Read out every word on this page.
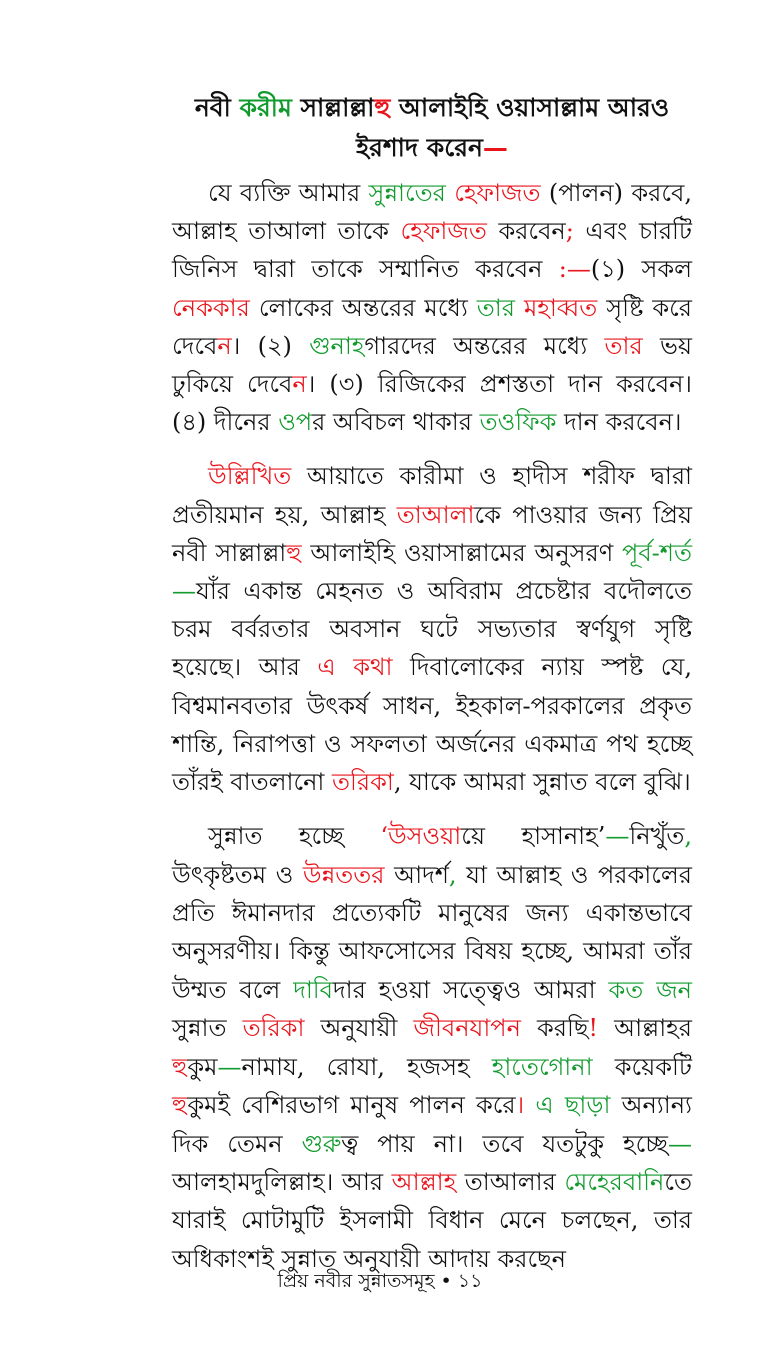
নবী করীম সাল্লাল্লাহু আলাইহি ওয়াসাল্লাম আরও ইরশাদ করেন—

যে ব্যক্তি আমার সুন্নাতের হেফাজত (পালন) করবে, আল্লাহ তাআলা তাকে হেফাজত করবেন; এবং চারটি জিনিস দ্বারা তাকে সম্মানিত করবেন :—(১) সকল নেককার লোকের অন্তরের মধ্যে তার মহাব্বত সৃষ্টি করে দেবেন। (২) গুনাহগারদের অন্তরের মধ্যে তার ভয় ঢুকিয়ে দেবেন। (৩) রিজিকের প্রশস্ততা দান করবেন। (৪) দীনের ওপর অবিচল থাকার তওফিক দান করবেন।

উল্লিখিত আয়াতে কারীমা ও হাদীস শরীফ দ্বারা প্রতীয়মান হয়, আল্লাহ তাআলাকে পাওয়ার জন্য প্রিয় নবী সাল্লাল্লাহু আলাইহি ওয়াসাল্লামের অনুসরণ পূর্ব-শর্ত—যাঁর একান্ত মেহনত ও অবিরাম প্রচেষ্টার বদৌলতে চরম বর্বরতার অবসান ঘটে সভ্যতার স্বর্ণযুগ সৃষ্টি হয়েছে। আর এ কথা দিবালোকের ন্যায় স্পষ্ট যে, বিশ্বমানবতার উৎকর্ষ সাধন, ইহকাল-পরকালের প্রকৃত শান্তি, নিরাপত্তা ও সফলতা অর্জনের একমাত্র পথ হচ্ছে তাঁরই বাতলানো তরিকা, যাকে আমরা সুন্নাত বলে বুঝি।

সুন্নাত হচ্ছে ‘উসওয়ায়ে হাসানাহ’—নিখুঁত, উৎকৃষ্টতম ও উন্নততর আদর্শ, যা আল্লাহ ও পরকালের প্রতি ঈমানদার প্রত্যেকটি মানুষের জন্য একান্তভাবে অনুসরণীয়। কিন্তু আফসোসের বিষয় হচ্ছে, আমরা তাঁর উম্মত বলে দাবিদার হওয়া সত্ত্বেও আমরা কত জন সুন্নাত তরিকা অনুযায়ী জীবনযাপন করছি! আল্লাহর হুকুম—নামায, রোযা, হজসহ হাতেগোনা কয়েকটি হুকুমই বেশিরভাগ মানুষ পালন করে। এ ছাড়া অন্যান্য দিক তেমন গুরুত্ব পায় না। তবে যতটুকু হচ্ছে—আলহামদুলিল্লাহ। আর আল্লাহ তাআলার মেহেরবানিতে যারাই মোটামুটি ইসলামী বিধান মেনে চলছেন, তার অধিকাংশই সুন্নাত অনুযায়ী আদায় করছেন

প্রিয় নবীর সুন্নাতসমূহ • ১১
